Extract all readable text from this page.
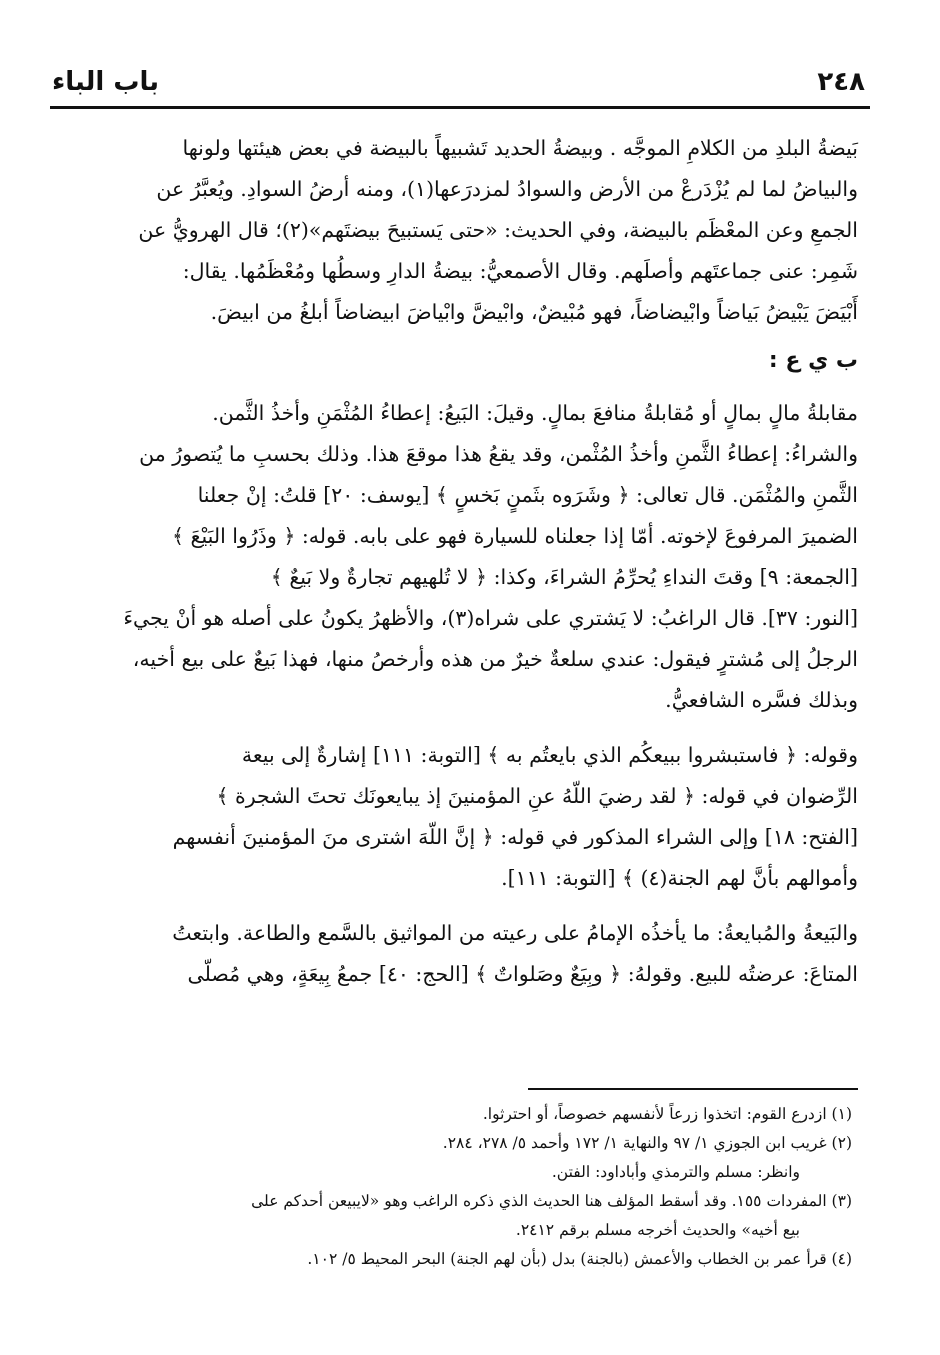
باب الباء	٢٤٨

بَيضةُ البلدِ من الكلامِ الموجَّه . وبيضةُ الحديد تَشبيهاً بالبيضة في بعض هيئتها ولونها

والبياضُ لما لم يُزْدَرعْ من الأرض والسوادُ لمزدرَعها(١)، ومنه أرضُ السوادِ. ويُعبَّرُ عن

الجمعِ وعن المعْظَم بالبيضة، وفي الحديث: «حتى يَستبيحَ بيضتَهم»(٢)؛ قال الهرويُّ عن

شَمِر: عنى جماعتَهم وأصلَهم. وقال الأصمعيُّ: بيضةُ الدارِ وسطُها ومُعْظَمُها. يقال:

أَبْيَضَ يَبْيضُ بَياضاً وابْيضاضاً، فهو مُبْيضٌ، وابْيضَّ وابْياضَ ابيضاضاً أبلغُ من ابيضَ.

ب ي ع :

مقابلةُ مالٍ بمالٍ أو مُقابلةُ منافعَ بمالٍ. وقيلَ: البَيعُ: إعطاءُ المُثْمَنِ وأخذُ الثَّمن.

والشراءُ: إعطاءُ الثَّمنِ وأخذُ المُثْمن، وقد يقعُ هذا موقعَ هذا. وذلك بحسبِ ما يُتصورُ من

الثَّمنِ والمُثْمَن. قال تعالى: ﴿ وشَرَوه بثَمنٍ بَخسٍ ﴾ [يوسف: ٢٠] قلتُ: إنْ جعلنا

الضميرَ المرفوعَ لإخوته. أمّا إذا جعلناه للسيارة فهو على بابه. قوله: ﴿ وذَرُوا البَيْعَ ﴾

[الجمعة: ٩] وقتَ النداءِ يُحرِّمُ الشراءَ، وكذا: ﴿ لا تُلهيهم تجارةٌ ولا بَيعٌ ﴾

[النور: ٣٧]. قال الراغبُ: لا يَشتري على شراه(٣)، والأظهرُ يكونُ على أصله هو أنْ يجيءَ

الرجلُ إلى مُشترٍ فيقول: عندي سلعةٌ خيرٌ من هذه وأرخصُ منها، فهذا بَيعٌ على بيع أخيه،

وبذلك فسَّره الشافعيُّ.

وقوله: ﴿ فاستبشروا ببيعكُم الذي بايعتُم به ﴾ [التوبة: ١١١] إشارةٌ إلى بيعة

الرِّضوان في قوله: ﴿ لقد رضيَ اللّهُ عنِ المؤمنينَ إذ يبايعونَك تحتَ الشجرة ﴾

[الفتح: ١٨] وإلى الشراء المذكور في قوله: ﴿ إنَّ اللّهَ اشترى منَ المؤمنينَ أنفسهم

وأموالهم بأنَّ لهم الجنة(٤) ﴾ [التوبة: ١١١].

والبَيعةُ والمُبايعةُ: ما يأخذُه الإمامُ على رعيته من المواثيق بالسَّمع والطاعة. وابتعتُ

المتاعَ: عرضتُه للبيع. وقولهُ: ﴿ وبِيَعٌ وصَلواتٌ ﴾ [الحج: ٤٠] جمعُ بِيعَةٍ، وهي مُصلّى

(١) ازدرع القوم: اتخذوا زرعاً لأنفسهم خصوصاً، أو احترثوا.

(٢) غريب ابن الجوزي ١/ ٩٧ والنهاية ١/ ١٧٢ وأحمد ٥/ ٢٧٨، ٢٨٤.

وانظر: مسلم والترمذي وأباداود: الفتن.

(٣) المفردات ١٥٥. وقد أسقط المؤلف هنا الحديث الذي ذكره الراغب وهو «لايبيعن أحدكم على

بيع أخيه» والحديث أخرجه مسلم برقم ٢٤١٢.

(٤) قرأ عمر بن الخطاب والأعمش (بالجنة) بدل (بأن لهم الجنة) البحر المحيط ٥/ ١٠٢.
